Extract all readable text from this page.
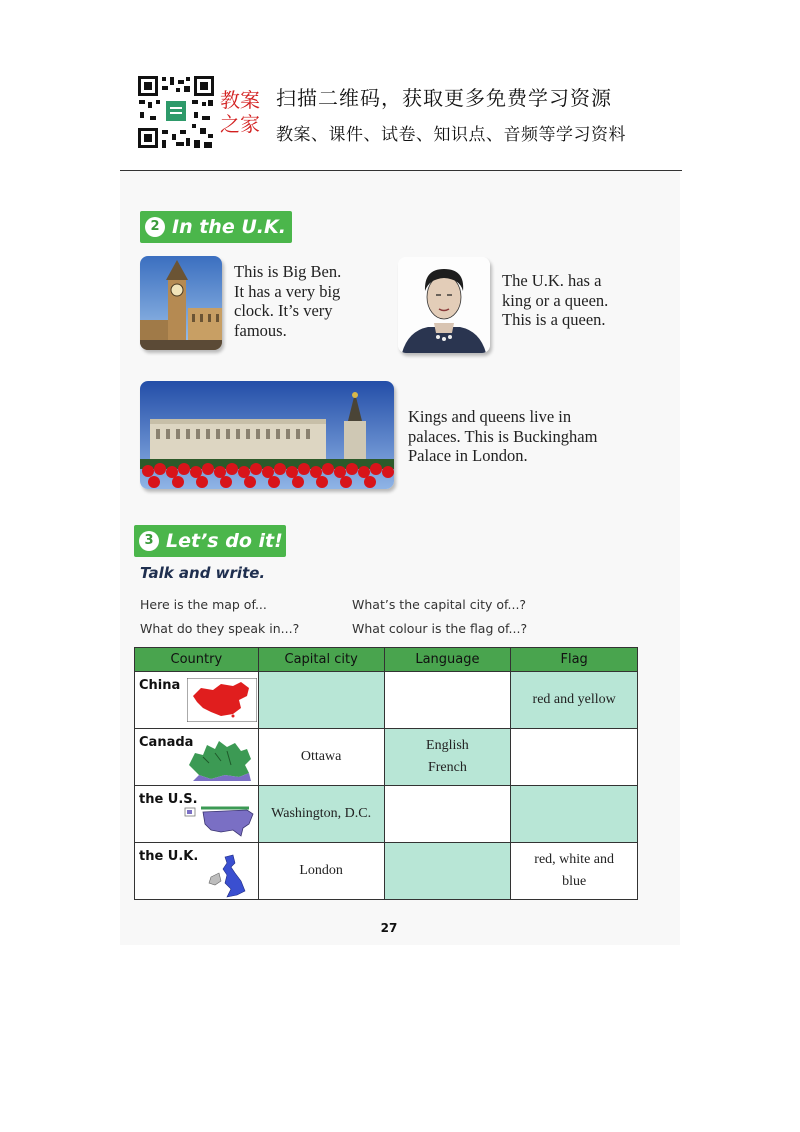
教案
之家
扫描二维码，获取更多免费学习资源
教案、课件、试卷、知识点、音频等学习资料
2 In the U.K.
This is Big Ben.
It has a very big
clock. It’s very
famous.
The U.K. has a
king or a queen.
This is a queen.
Kings and queens live in
palaces. This is Buckingham
Palace in London.
3 Let’s do it!
Talk and write.
Here is the map of...	What’s the capital city of...?
What do they speak in...?	What colour is the flag of...?
Country	Capital city	Language	Flag

China			red and yellow

Canada	Ottawa	English
French	

the U.S.	Washington, D.C.		

the U.K.	London		red, white and
blue
27
